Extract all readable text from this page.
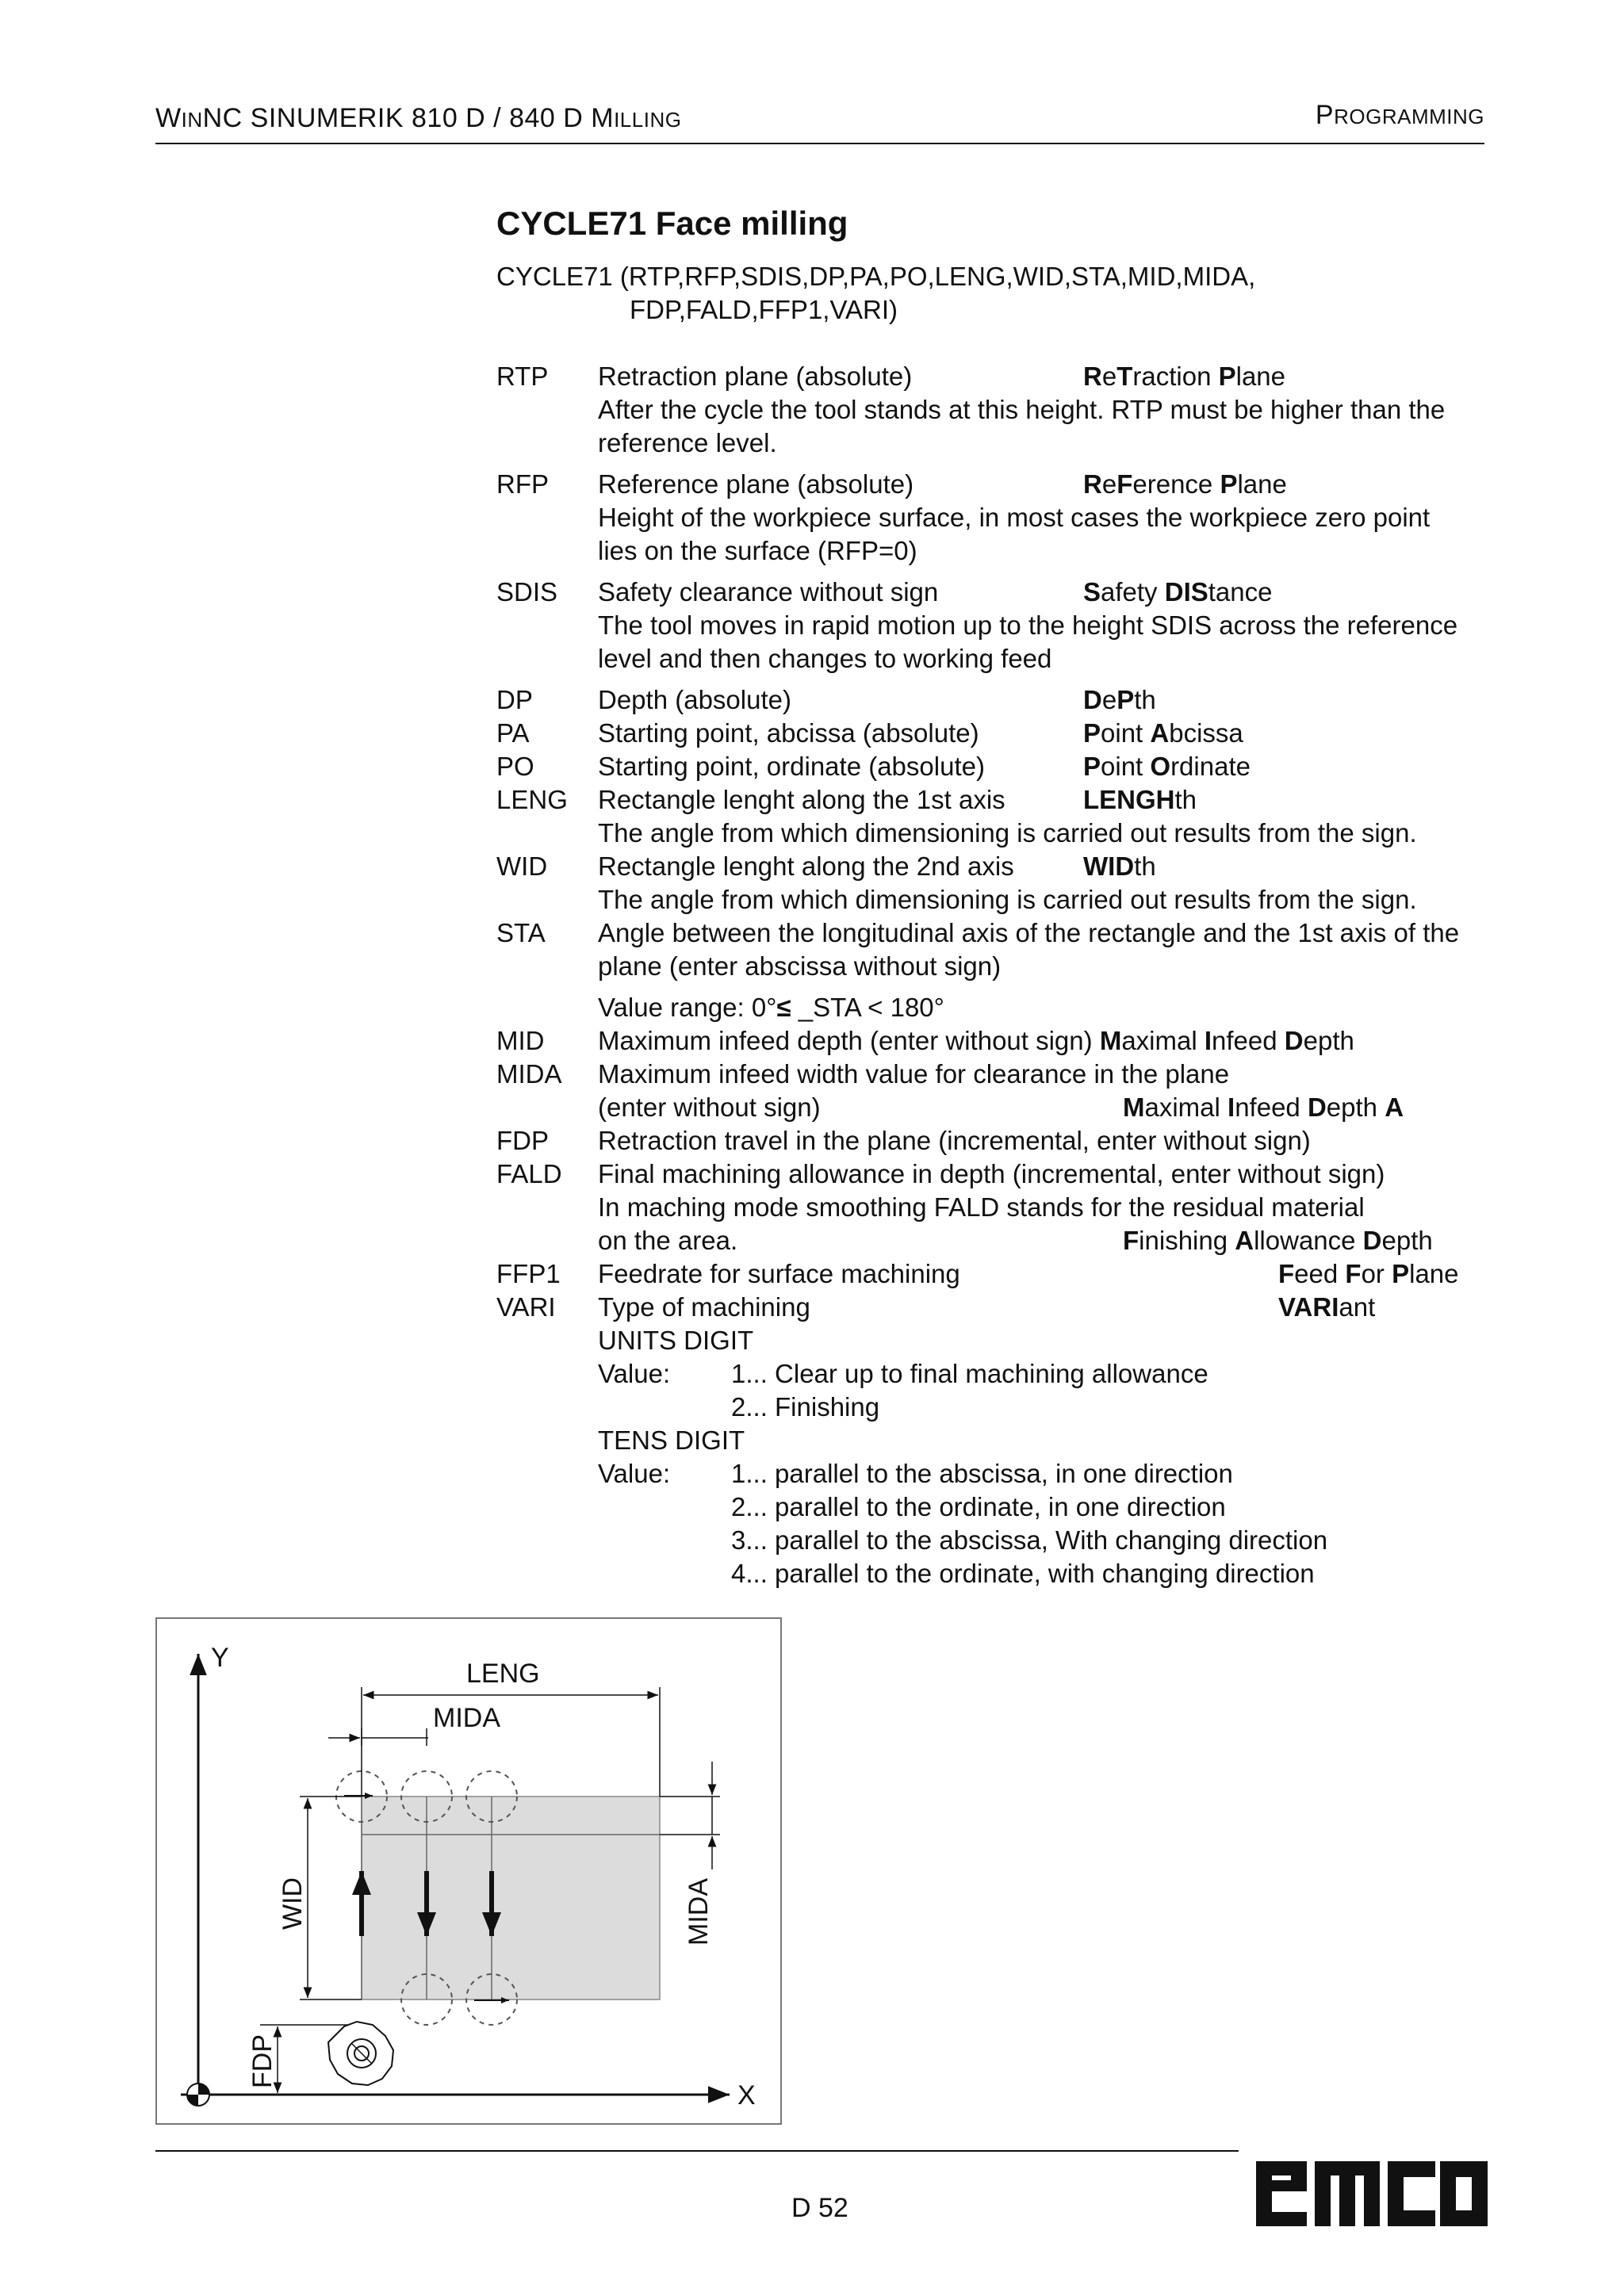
WINNC SINUMERIK 810 D / 840 D MILLING	PROGRAMMING
CYCLE71 Face milling
CYCLE71 (RTP,RFP,SDIS,DP,PA,PO,LENG,WID,STA,MID,MIDA,
FDP,FALD,FFP1,VARI)
RTP Retraction plane (absolute)	ReTraction Plane
After the cycle the tool stands at this height. RTP must be higher than the
reference level.
RFP Reference plane (absolute)	ReFerence Plane
Height of the workpiece surface, in most cases the workpiece zero point
lies on the surface (RFP=0)
SDIS Safety clearance without sign	Safety DIStance
The tool moves in rapid motion up to the height SDIS across the reference
level and then changes to working feed
DP Depth (absolute)	DePth
PA	Starting point, abcissa (absolute)	Point Abcissa
PO Starting point, ordinate (absolute)	Point Ordinate
LENG Rectangle lenght along the 1st axis	LENGHth
The angle from which dimensioning is carried out results from the sign.
WID Rectangle lenght along the 2nd axis	WIDth
The angle from which dimensioning is carried out results from the sign.
STA Angle between the longitudinal axis of the rectangle and the 1st axis of the
plane (enter abscissa without sign)
Value range: 0°≤ _STA < 180°
MID Maximum infeed depth (enter without sign) Maximal Infeed Depth
MIDA Maximum infeed width value for clearance in the plane
(enter without sign)	Maximal Infeed Depth A
FDP Retraction travel in the plane (incremental, enter without sign)
FALD Final machining allowance in depth (incremental, enter without sign)
In maching mode smoothing FALD stands for the residual material
on the area.	Finishing Allowance Depth
FFP1 Feedrate for surface machining	Feed For Plane
VARI Type of machining	VARIant
UNITS DIGIT
Value: 1... Clear up to final machining allowance
2... Finishing
TENS DIGIT
Value: 1... parallel to the abscissa, in one direction
2... parallel to the ordinate, in one direction
3... parallel to the abscissa, With changing direction
4... parallel to the ordinate, with changing direction
Y
X
LENG
MIDA
WID	MIDA
FDP
D 52
